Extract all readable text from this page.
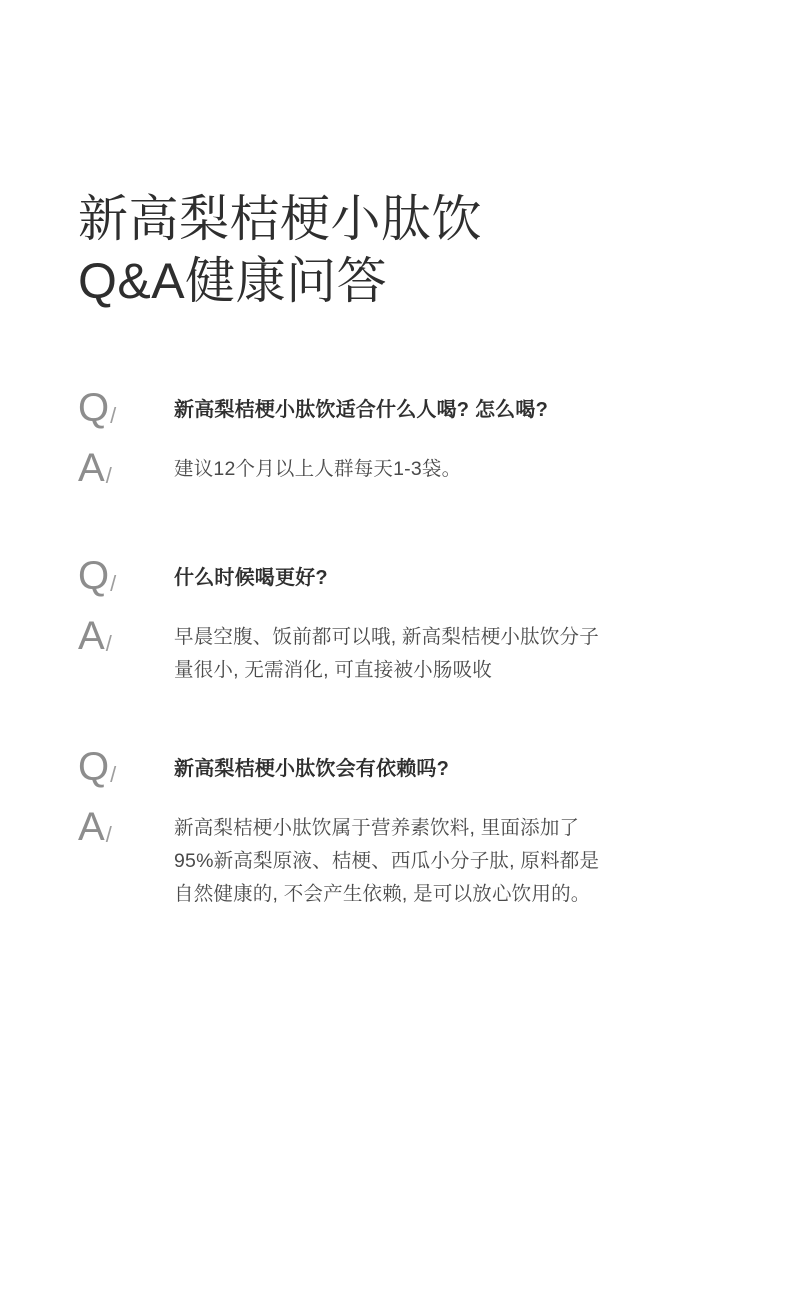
新高梨桔梗小肽饮
Q&A健康问答
Q/	新高梨桔梗小肽饮适合什么人喝? 怎么喝?
A/	建议12个月以上人群每天1-3袋。

Q/	什么时候喝更好?
A/	早晨空腹、饭前都可以哦, 新高梨桔梗小肽饮分子

量很小, 无需消化, 可直接被小肠吸收

Q/	新高梨桔梗小肽饮会有依赖吗?
A/	新高梨桔梗小肽饮属于营养素饮料, 里面添加了

95%新高梨原液、桔梗、西瓜小分子肽, 原料都是

自然健康的, 不会产生依赖, 是可以放心饮用的。
